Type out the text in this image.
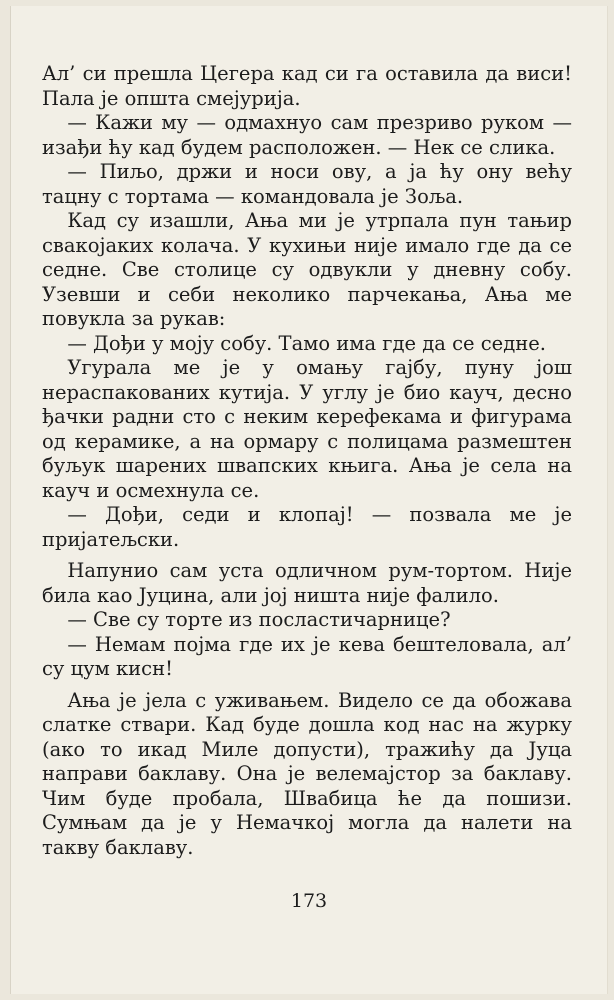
Ал’ си прешла Цегера кад си га оставила да виси! Пала је општа смејурија.

— Кажи му — одмахнуо сам презриво руком — изађи ћу кад будем расположен. — Нек се слика.

— Пиљо, држи и носи ову, а ја ћу ону већу тацну с тортама — командовала је Зоља.

Кад су изашли, Ања ми је утрпала пун тањир свакојаких колача. У кухињи није имало где да се седне. Све столице су одвукли у дневну собу. Узевши и себи неколико парчекања, Ања ме повукла за рукав:

— Дођи у моју собу. Тамо има где да се седне.

Угурала ме је у омању гајбу, пуну још нераспакованих кутија. У углу је био кауч, десно ђачки радни сто с неким керефекама и фигурама од керамике, а на ормару с полицама размештен буљук шарених швапских књига. Ања је села на кауч и осмехнула се.

— Дођи, седи и клопај! — позвала ме је пријатељски.

Напунио сам уста одличном рум-тортом. Није била као Јуцина, али јој ништа није фалило.

— Све су торте из посластичарнице?

— Немам појма где их је кева бештеловала, ал’ су цум кисн!

Ања је јела с уживањем. Видело се да обожава слатке ствари. Кад буде дошла код нас на журку (ако то икад Миле допусти), тражићу да Јуца направи баклаву. Она је велемајстор за баклаву. Чим буде пробала, Швабица ће да пошизи. Сумњам да је у Немачкој могла да налети на такву баклаву.

173
